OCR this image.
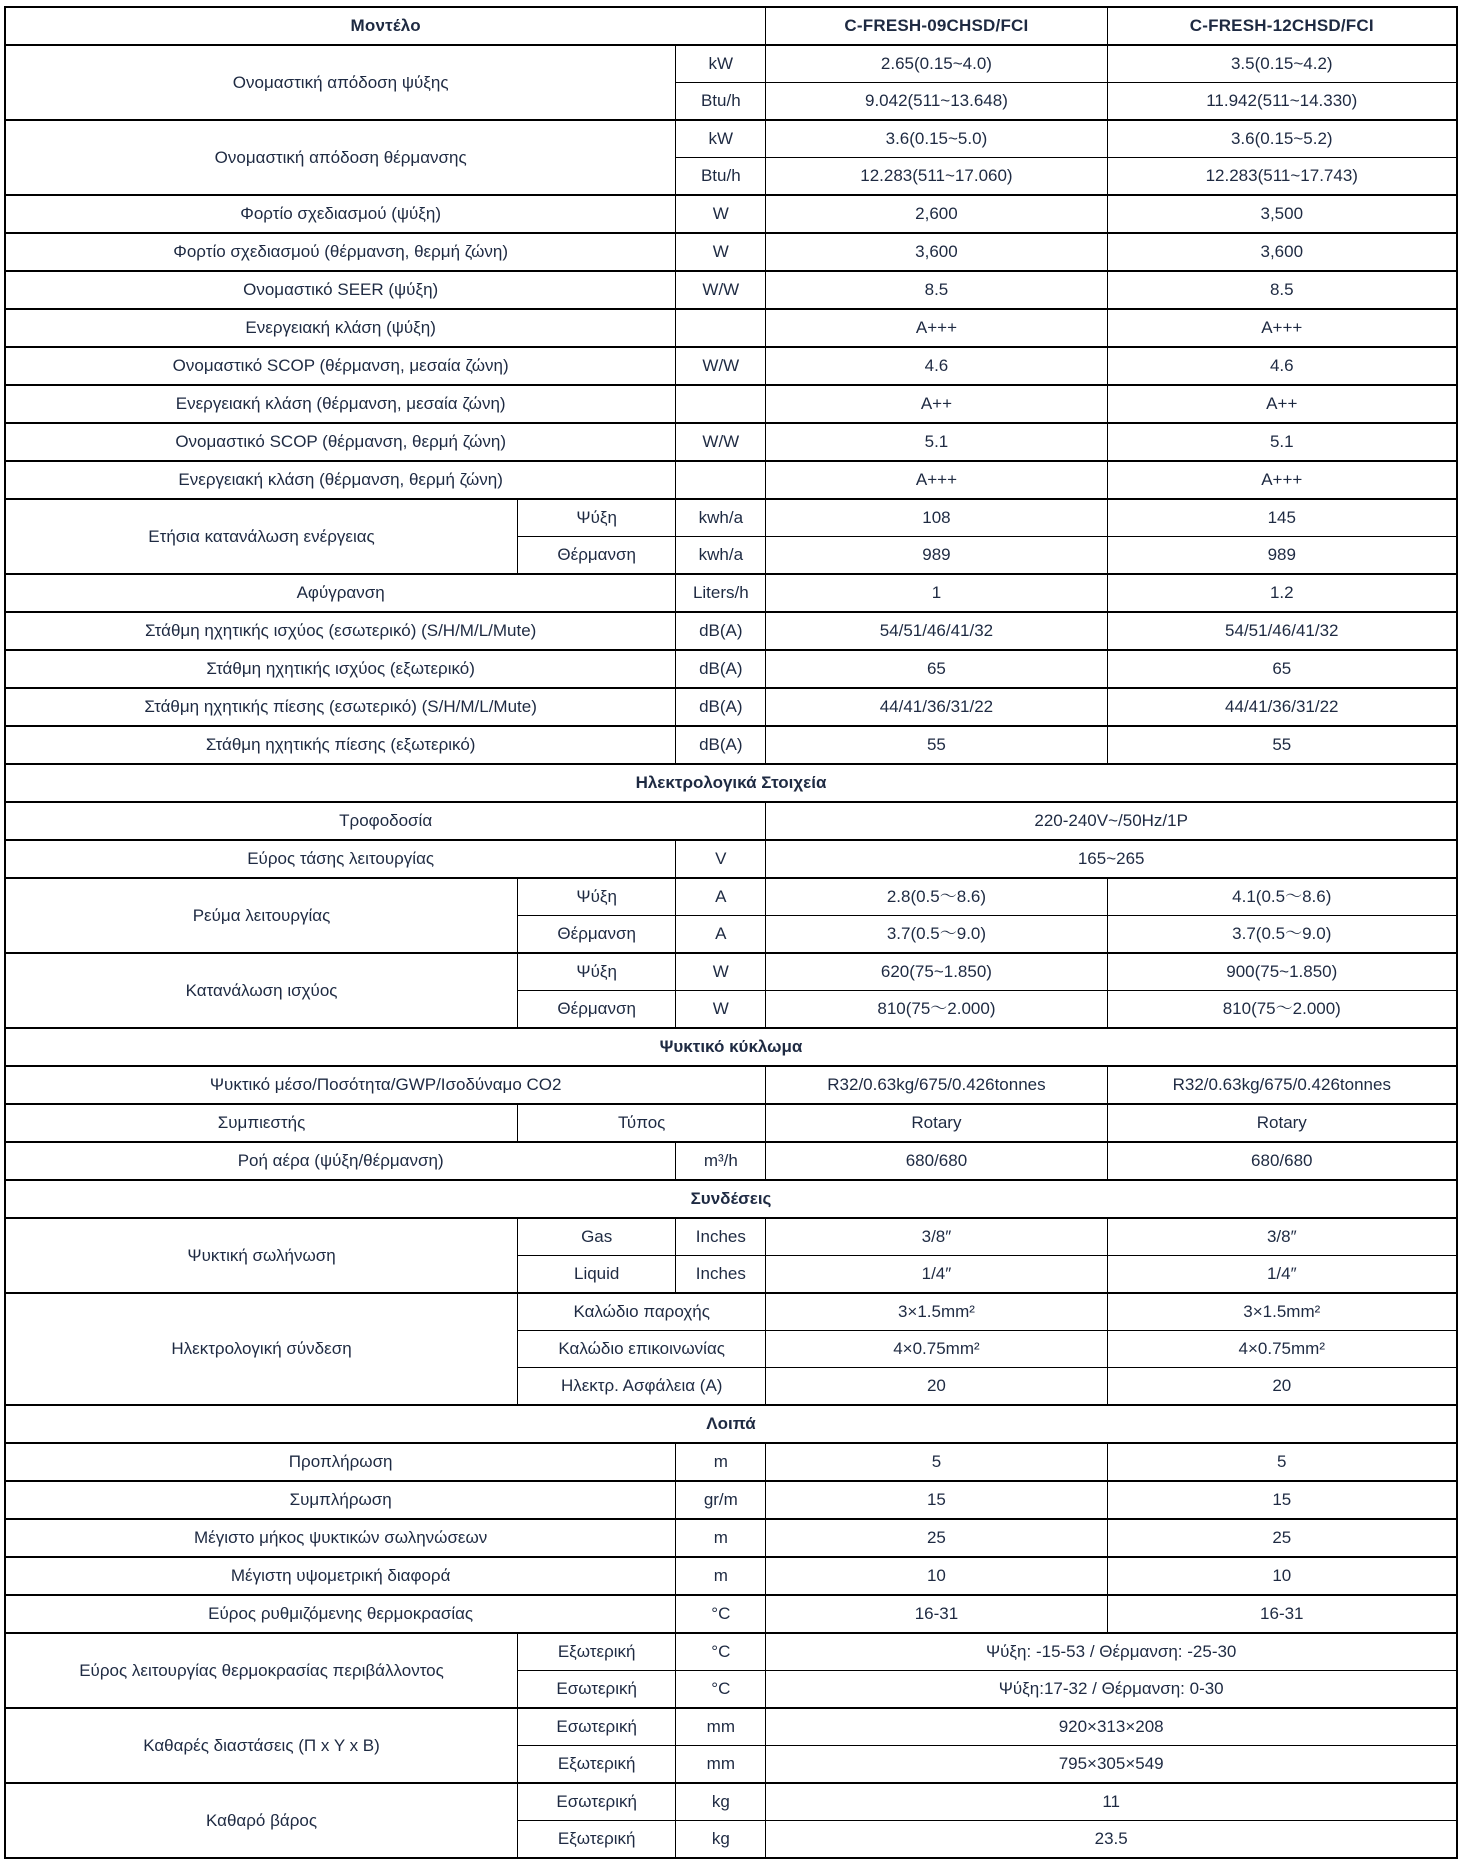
Μοντέλο			C-FRESH-09CHSD/FCI	C-FRESH-12CHSD/FCI
Ονομαστική απόδοση ψύξης		kW	2.65(0.15~4.0)	3.5(0.15~4.2)
		Btu/h	9.042(511~13.648)	11.942(511~14.330)
Ονομαστική απόδοση θέρμανσης		kW	3.6(0.15~5.0)	3.6(0.15~5.2)
		Btu/h	12.283(511~17.060)	12.283(511~17.743)
Φορτίο σχεδιασμού (ψύξη)		W	2,600	3,500
Φορτίο σχεδιασμού (θέρμανση, θερμή ζώνη)		W	3,600	3,600
Ονομαστικό SEER (ψύξη)		W/W	8.5	8.5
Ενεργειακή κλάση (ψύξη)			A+++	A+++
Ονομαστικό SCOP (θέρμανση, μεσαία ζώνη)		W/W	4.6	4.6
Ενεργειακή κλάση (θέρμανση, μεσαία ζώνη)			A++	A++
Ονομαστικό SCOP (θέρμανση, θερμή ζώνη)		W/W	5.1	5.1
Ενεργειακή κλάση (θέρμανση, θερμή ζώνη)			A+++	A+++
Ετήσια κατανάλωση ενέργειας	Ψύξη	kwh/a	108	145
	Θέρμανση	kwh/a	989	989
Αφύγρανση		Liters/h	1	1.2
Στάθμη ηχητικής ισχύος (εσωτερικό) (S/H/M/L/Mute)		dB(A)	54/51/46/41/32	54/51/46/41/32
Στάθμη ηχητικής ισχύος (εξωτερικό)		dB(A)	65	65
Στάθμη ηχητικής πίεσης (εσωτερικό) (S/H/M/L/Mute)		dB(A)	44/41/36/31/22	44/41/36/31/22
Στάθμη ηχητικής πίεσης (εξωτερικό)		dB(A)	55	55
Ηλεκτρολογικά Στοιχεία				
Τροφοδοσία			220-240V~/50Hz/1P	
Εύρος τάσης λειτουργίας		V	165~265	
Ρεύμα λειτουργίας	Ψύξη	A	2.8(0.5～8.6)	4.1(0.5～8.6)
	Θέρμανση	A	3.7(0.5～9.0)	3.7(0.5～9.0)
Κατανάλωση ισχύος	Ψύξη	W	620(75~1.850)	900(75~1.850)
	Θέρμανση	W	810(75～2.000)	810(75～2.000)
Ψυκτικό κύκλωμα				
Ψυκτικό μέσο/Ποσότητα/GWP/Ισοδύναμο CO2			R32/0.63kg/675/0.426tonnes	R32/0.63kg/675/0.426tonnes
Συμπιεστής	Τύπος		Rotary	Rotary
Ροή αέρα (ψύξη/θέρμανση)		m³/h	680/680	680/680
Συνδέσεις				
Ψυκτική σωλήνωση	Gas	Inches	3/8″	3/8″
	Liquid	Inches	1/4″	1/4″
Ηλεκτρολογική σύνδεση	Καλώδιο παροχής		3×1.5mm²	3×1.5mm²
	Καλώδιο επικοινωνίας		4×0.75mm²	4×0.75mm²
	Ηλεκτρ. Ασφάλεια (A)		20	20
Λοιπά				
Προπλήρωση		m	5	5
Συμπλήρωση		gr/m	15	15
Μέγιστο μήκος ψυκτικών σωληνώσεων		m	25	25
Μέγιστη υψομετρική διαφορά		m	10	10
Εύρος ρυθμιζόμενης θερμοκρασίας		°C	16-31	16-31
Εύρος λειτουργίας θερμοκρασίας περιβάλλοντος	Εξωτερική	°C	Ψύξη: -15-53 / Θέρμανση: -25-30	
	Εσωτερική	°C	Ψύξη:17-32 / Θέρμανση: 0-30	
Καθαρές διαστάσεις (Π x Y x B)	Εσωτερική	mm	920×313×208	
	Εξωτερική	mm	795×305×549	
Καθαρό βάρος	Εσωτερική	kg	11	
	Εξωτερική	kg	23.5	
